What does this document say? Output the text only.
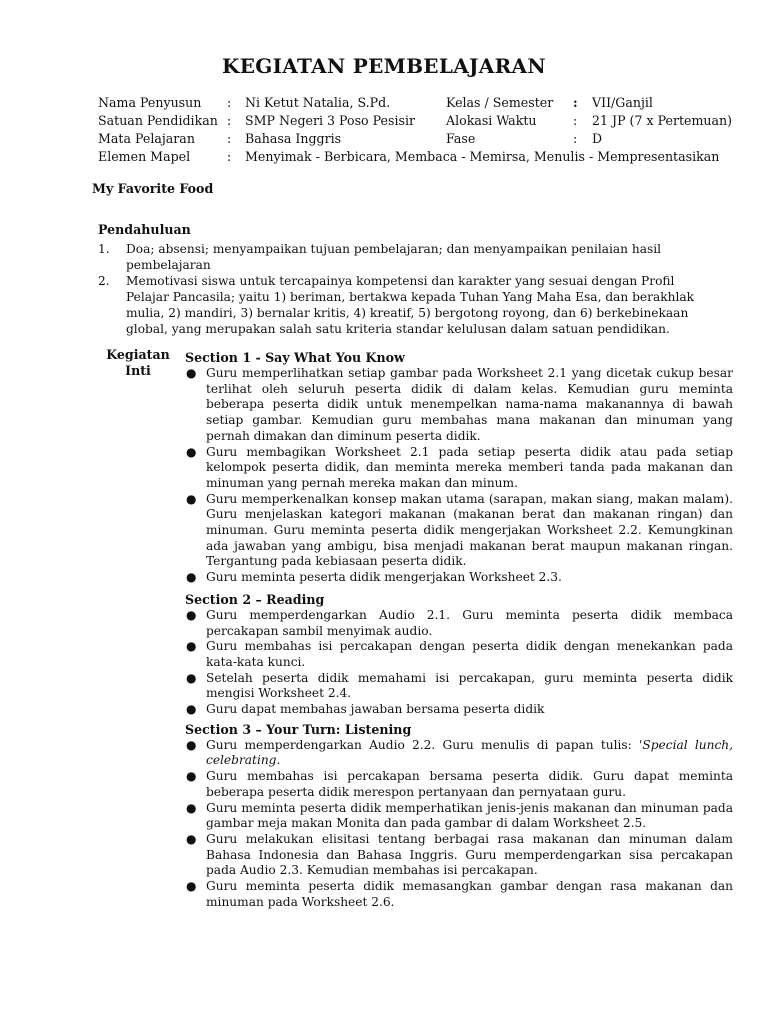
KEGIATAN PEMBELAJARAN
Nama Penyusun : Ni Ketut Natalia, S.Pd.	Kelas / Semester : VII/Ganjil
Satuan Pendidikan : SMP Negeri 3 Poso Pesisir Alokasi Waktu	: 21 JP (7 x Pertemuan)
Mata Pelajaran	: Bahasa Inggris	Fase	: D
Elemen Mapel	: Menyimak - Berbicara, Membaca - Memirsa, Menulis - Mempresentasikan
My Favorite Food
Pendahuluan
1. Doa; absensi; menyampaikan tujuan pembelajaran; dan menyampaikan penilaian hasil pembelajaran
2. Memotivasi siswa untuk tercapainya kompetensi dan karakter yang sesuai dengan Profil Pelajar Pancasila; yaitu 1) beriman, bertakwa kepada Tuhan Yang Maha Esa, dan berakhlak mulia, 2) mandiri, 3) bernalar kritis, 4) kreatif, 5) bergotong royong, dan 6) berkebinekaan global, yang merupakan salah satu kriteria standar kelulusan dalam satuan pendidikan.
Kegiatan Inti
Section 1 - Say What You Know
● Guru memperlihatkan setiap gambar pada Worksheet 2.1 yang dicetak cukup besar terlihat oleh seluruh peserta didik di dalam kelas. Kemudian guru meminta beberapa peserta didik untuk menempelkan nama-nama makanannya di bawah setiap gambar. Kemudian guru membahas mana makanan dan minuman yang pernah dimakan dan diminum peserta didik.
● Guru membagikan Worksheet 2.1 pada setiap peserta didik atau pada setiap kelompok peserta didik, dan meminta mereka memberi tanda pada makanan dan minuman yang pernah mereka makan dan minum.
● Guru memperkenalkan konsep makan utama (sarapan, makan siang, makan malam). Guru menjelaskan kategori makanan (makanan berat dan makanan ringan) dan minuman. Guru meminta peserta didik mengerjakan Worksheet 2.2. Kemungkinan ada jawaban yang ambigu, bisa menjadi makanan berat maupun makanan ringan. Tergantung pada kebiasaan peserta didik.
● Guru meminta peserta didik mengerjakan Worksheet 2.3.
Section 2 – Reading
● Guru memperdengarkan Audio 2.1. Guru meminta peserta didik membaca percakapan sambil menyimak audio.
● Guru membahas isi percakapan dengan peserta didik dengan menekankan pada kata-kata kunci.
● Setelah peserta didik memahami isi percakapan, guru meminta peserta didik mengisi Worksheet 2.4.
● Guru dapat membahas jawaban bersama peserta didik
Section 3 – Your Turn: Listening
● Guru memperdengarkan Audio 2.2. Guru menulis di papan tulis: 'Special lunch, celebrating.
● Guru membahas isi percakapan bersama peserta didik. Guru dapat meminta beberapa peserta didik merespon pertanyaan dan pernyataan guru.
● Guru meminta peserta didik memperhatikan jenis-jenis makanan dan minuman pada gambar meja makan Monita dan pada gambar di dalam Worksheet 2.5.
● Guru melakukan elisitasi tentang berbagai rasa makanan dan minuman dalam Bahasa Indonesia dan Bahasa Inggris. Guru memperdengarkan sisa percakapan pada Audio 2.3. Kemudian membahas isi percakapan.
● Guru meminta peserta didik memasangkan gambar dengan rasa makanan dan minuman pada Worksheet 2.6.
